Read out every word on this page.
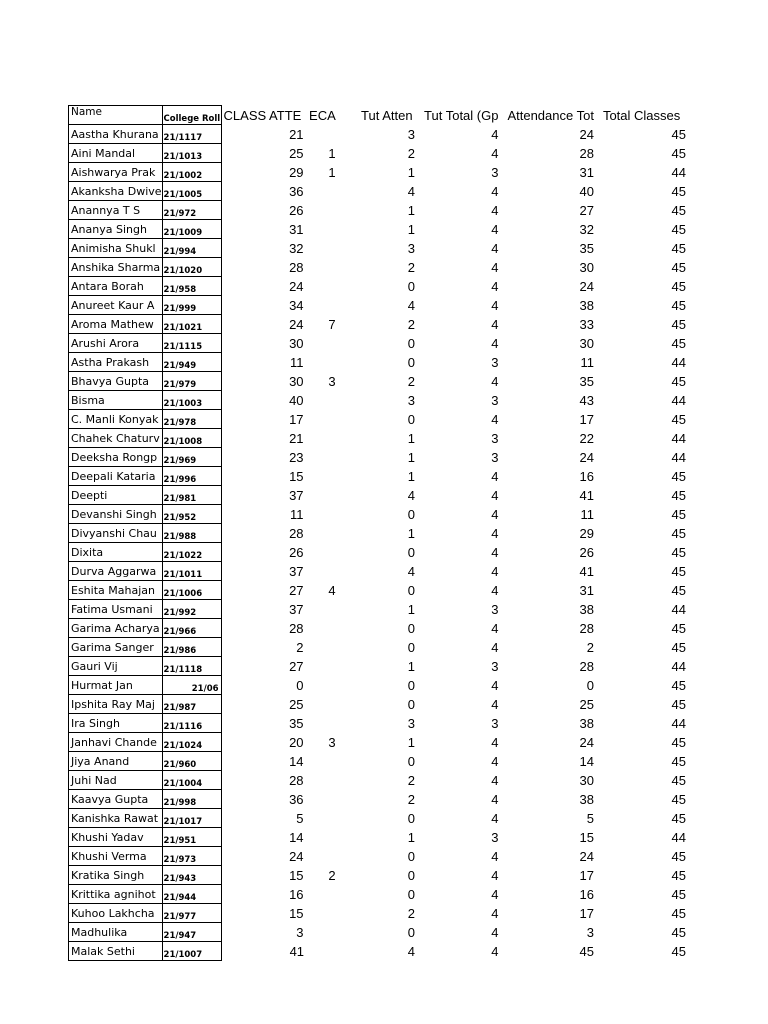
Name	College Roll	CLASS ATTE	ECA	Tut Atten	Tut Total (Gp	Attendance Tot	Total Classes
Aastha Khurana	21/1117	21		3	4	24	45
Aini Mandal	21/1013	25	1	2	4	28	45
Aishwarya Prak	21/1002	29	1	1	3	31	44
Akanksha Dwive	21/1005	36		4	4	40	45
Anannya T S	21/972	26		1	4	27	45
Ananya Singh	21/1009	31		1	4	32	45
Animisha Shukl	21/994	32		3	4	35	45
Anshika Sharma	21/1020	28		2	4	30	45
Antara Borah	21/958	24		0	4	24	45
Anureet Kaur A	21/999	34		4	4	38	45
Aroma Mathew	21/1021	24	7	2	4	33	45
Arushi Arora	21/1115	30		0	4	30	45
Astha Prakash	21/949	11		0	3	11	44
Bhavya Gupta	21/979	30	3	2	4	35	45
Bisma	21/1003	40		3	3	43	44
C. Manli Konyak	21/978	17		0	4	17	45
Chahek Chaturv	21/1008	21		1	3	22	44
Deeksha Rongp	21/969	23		1	3	24	44
Deepali Kataria	21/996	15		1	4	16	45
Deepti	21/981	37		4	4	41	45
Devanshi Singh	21/952	11		0	4	11	45
Divyanshi Chau	21/988	28		1	4	29	45
Dixita	21/1022	26		0	4	26	45
Durva Aggarwa	21/1011	37		4	4	41	45
Eshita Mahajan	21/1006	27	4	0	4	31	45
Fatima Usmani	21/992	37		1	3	38	44
Garima Acharya	21/966	28		0	4	28	45
Garima Sanger	21/986	2		0	4	2	45
Gauri Vij	21/1118	27		1	3	28	44
Hurmat Jan	21/06	0		0	4	0	45
Ipshita Ray Maj	21/987	25		0	4	25	45
Ira Singh	21/1116	35		3	3	38	44
Janhavi Chande	21/1024	20	3	1	4	24	45
Jiya Anand	21/960	14		0	4	14	45
Juhi Nad	21/1004	28		2	4	30	45
Kaavya Gupta	21/998	36		2	4	38	45
Kanishka Rawat	21/1017	5		0	4	5	45
Khushi Yadav	21/951	14		1	3	15	44
Khushi Verma	21/973	24		0	4	24	45
Kratika Singh	21/943	15	2	0	4	17	45
Krittika agnihot	21/944	16		0	4	16	45
Kuhoo Lakhcha	21/977	15		2	4	17	45
Madhulika	21/947	3		0	4	3	45
Malak Sethi	21/1007	41		4	4	45	45
